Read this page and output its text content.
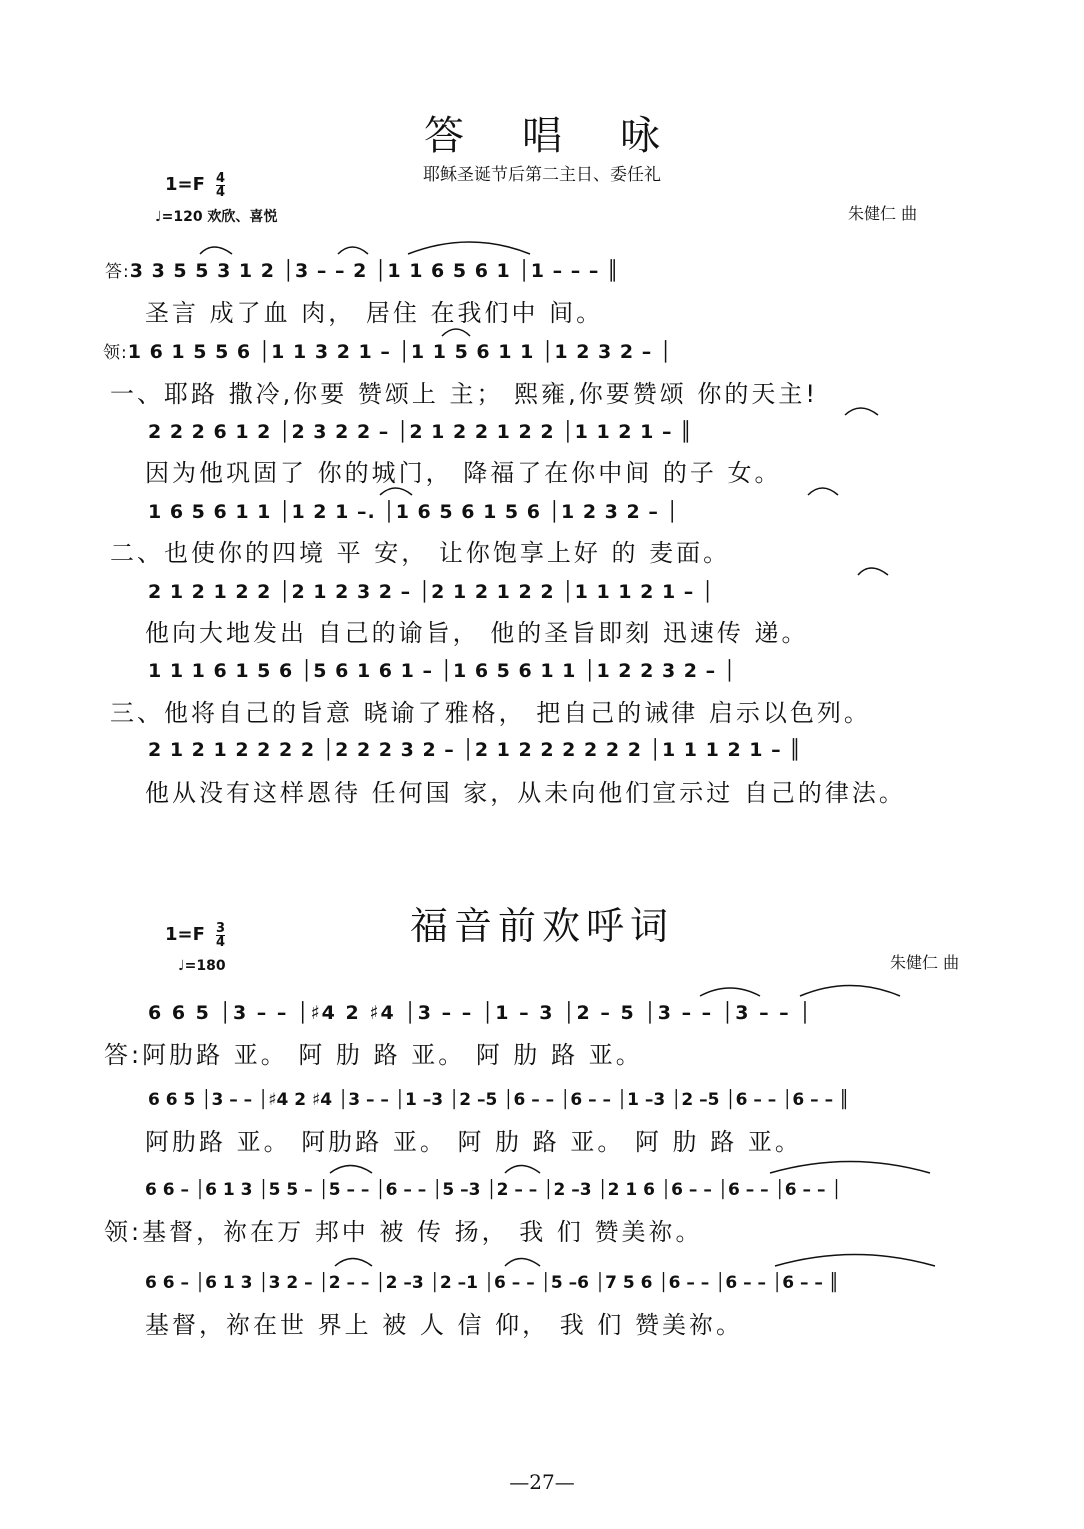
答唱咏
耶稣圣诞节后第二主日、委任礼
$1=F \frac{4}{4}$
♩=120 欢欣、喜悦	朱健仁 曲
答:3 3 5 5 3 1 2 │3 – – 2 │1 1 6 5 6 1 │1 – – – ║
圣言 成了血 肉， 居住 在我们中 间。
领:1 6 1 5 5 6 │1 1 3 2 1 – │1 1 5 6 1 1 │1 2 3 2 – │
一、耶路 撒冷,你要 赞颂上 主； 熙雍,你要赞颂 你的天主!
2 2 2 6 1 2 │2 3 2 2 – │2 1 2 2 1 2 2 │1 1 2 1 – ║
因为他巩固了 你的城门， 降福了在你中间 的子 女。
1 6 5 6 1 1 │1 2 1 –. │1 6 5 6 1 5 6 │1 2 3 2 – │
二、也使你的四境 平 安， 让你饱享上好 的 麦面。
2 1 2 1 2 2 │2 1 2 3 2 – │2 1 2 1 2 2 │1 1 1 2 1 – │
他向大地发出 自己的谕旨， 他的圣旨即刻 迅速传 递。
1 1 1 6 1 5 6 │5 6 1 6 1 – │1 6 5 6 1 1 │1 2 2 3 2 – │
三、他将自己的旨意 晓谕了雅格， 把自己的诫律 启示以色列。
2 1 2 1 2 2 2 2 │2 2 2 3 2 – │2 1 2 2 2 2 2 2 │1 1 1 2 1 – ║
他从没有这样恩待 任何国 家，从未向他们宣示过 自己的律法。
福音前欢呼词
$1=F \frac{3}{4}$
♩=180	朱健仁 曲
6 6 5 │3 – – │♯4 2 ♯4 │3 – – │1 – 3 │2 – 5 │3 – – │3 – – │
答:阿肋路 亚。 阿 肋 路 亚。 阿 肋 路 亚。
6 6 5 │3 – – │♯4 2 ♯4 │3 – – │1 –3 │2 –5 │6 – – │6 – – │1 –3 │2 –5 │6 – – │6 – – ║
阿肋路 亚。 阿肋路 亚。 阿 肋 路 亚。 阿 肋 路 亚。
6 6 – │6 1 3 │5 5 – │5 – – │6 – – │5 –3 │2 – – │2 –3 │2 1 6 │6 – – │6 – – │6 – – │
领:基督，祢在万 邦中 被 传 扬， 我 们 赞美祢。
6 6 – │6 1 3 │3 2 – │2 – – │2 –3 │2 –1 │6 – – │5 –6 │7 5 6 │6 – – │6 – – │6 – – ║
基督，祢在世 界上 被 人 信 仰， 我 们 赞美祢。
—27—
